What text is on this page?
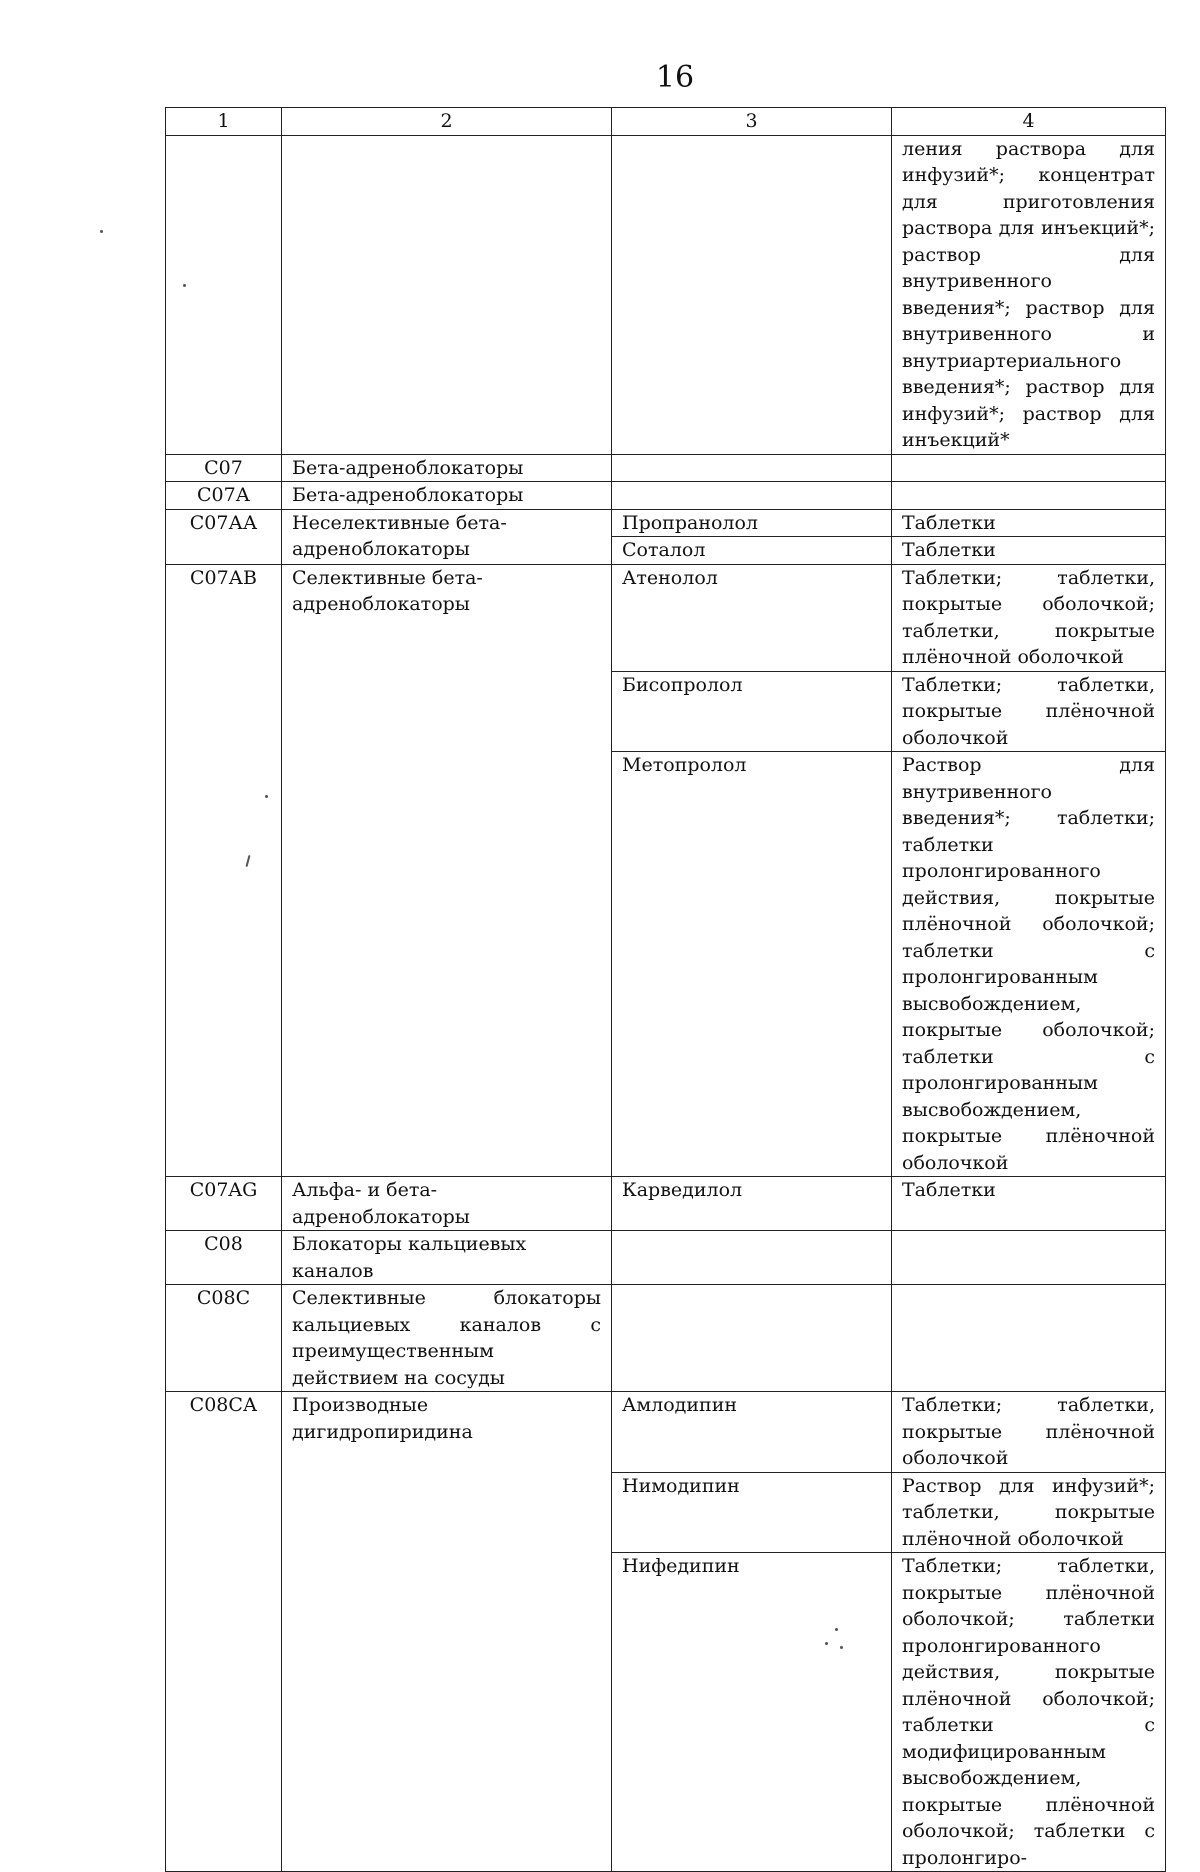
16
1	2	3	4
			ления раствора для инфузий*; концентрат для приготовления раствора для инъекций*; раствор для внутривенного введения*; раствор для внутривенного и внутриартериального введения*; раствор для инфузий*; раствор для инъекций*
С07	Бета-адреноблокаторы		
С07А	Бета-адреноблокаторы		
С07АА	Неселективные бета-адреноблокаторы	Пропранолол	Таблетки
		Соталол	Таблетки
С07АВ	Селективные бета-адреноблокаторы	Атенолол	Таблетки; таблетки, покрытые оболочкой; таблетки, покрытые плёночной оболочкой
		Бисопролол	Таблетки; таблетки, покрытые плёночной оболочкой
		Метопролол	Раствор для внутривенного введения*; таблетки; таблетки пролонгированного действия, покрытые плёночной оболочкой; таблетки с пролонгированным высвобождением, покрытые оболочкой; таблетки с пролонгированным высвобождением, покрытые плёночной оболочкой
С07AG	Альфа- и бета-адреноблокаторы	Карведилол	Таблетки
С08	Блокаторы кальциевых каналов		
С08С	Селективные блокаторы кальциевых каналов с преимущественным действием на сосуды		
С08СА	Производные дигидропиридина	Амлодипин	Таблетки; таблетки, покрытые плёночной оболочкой
		Нимодипин	Раствор для инфузий*; таблетки, покрытые плёночной оболочкой
		Нифедипин	Таблетки; таблетки, покрытые плёночной оболочкой; таблетки пролонгированного действия, покрытые плёночной оболочкой; таблетки с модифицированным высвобождением, покрытые плёночной оболочкой; таблетки с пролонгиро-
